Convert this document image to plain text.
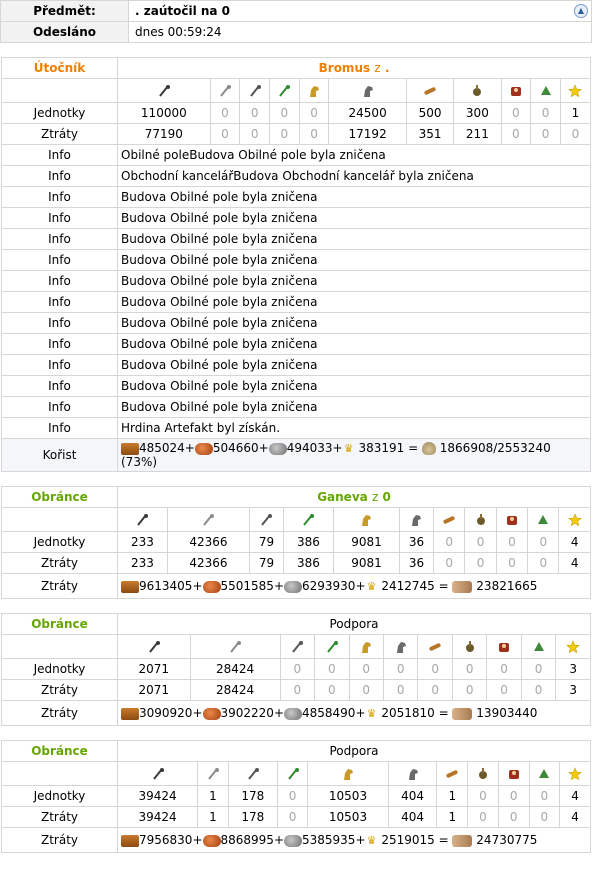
Předmět:	. zaútočil na 0 ▲

Odesláno	dnes 00:59:24
Útočník	Bromus z .										

Jednotky	110000	0	0	0	0	24500	500	300	0	0	1
Ztráty	77190	0	0	0	0	17192	351	211	0	0	0
Info	Obilné poleBudova Obilné pole byla zničena										
Info	Obchodní kancelářBudova Obchodní kancelář byla zničena										
Info	Budova Obilné pole byla zničena										
Info	Budova Obilné pole byla zničena										
Info	Budova Obilné pole byla zničena										
Info	Budova Obilné pole byla zničena										
Info	Budova Obilné pole byla zničena										
Info	Budova Obilné pole byla zničena										
Info	Budova Obilné pole byla zničena										
Info	Budova Obilné pole byla zničena										
Info	Budova Obilné pole byla zničena										
Info	Budova Obilné pole byla zničena										
Info	Budova Obilné pole byla zničena										
Info	Hrdina Artefakt byl získán.										
Kořist	485024+ 504660+ 494033+♛ 383191 =  1866908/2553240
(73%)										
Obránce	Ganeva z 0										

Jednotky	233	42366	79	386	9081	36	0	0	0	0	4
Ztráty	233	42366	79	386	9081	36	0	0	0	0	4
Ztráty	9613405+ 5501585+ 6293930+♛ 2412745 =  23821665										
Obránce	Podpora										

Jednotky	2071	28424	0	0	0	0	0	0	0	0	3
Ztráty	2071	28424	0	0	0	0	0	0	0	0	3
Ztráty	3090920+ 3902220+ 4858490+♛ 2051810 =  13903440										
Obránce	Podpora										

Jednotky	39424	1	178	0	10503	404	1	0	0	0	4
Ztráty	39424	1	178	0	10503	404	1	0	0	0	4
Ztráty	7956830+ 8868995+ 5385935+♛ 2519015 =  24730775										
